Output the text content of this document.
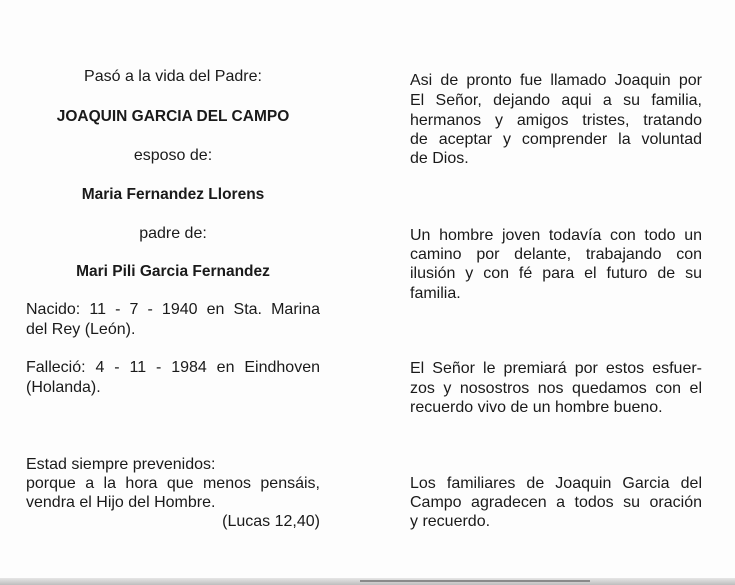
Pasó a la vida del Padre:

JOAQUIN GARCIA DEL CAMPO

esposo de:

Maria Fernandez Llorens

padre de:

Mari Pili Garcia Fernandez

Nacido: 11 - 7 - 1940 en Sta. Marina

del Rey (León).

Falleció: 4 - 11 - 1984 en Eindhoven

(Holanda).

Estad siempre prevenidos:

porque a la hora que menos pensáis,

vendra el Hijo del Hombre.

(Lucas 12,40)

Asi de pronto fue llamado Joaquin por

El Señor, dejando aqui a su familia,

hermanos y amigos tristes, tratando

de aceptar y comprender la voluntad

de Dios.

Un hombre joven todavía con todo un

camino por delante, trabajando con

ilusión y con fé para el futuro de su

familia.

El Señor le premiará por estos esfuer-

zos y nosostros nos quedamos con el

recuerdo vivo de un hombre bueno.

Los familiares de Joaquin Garcia del

Campo agradecen a todos su oración

y recuerdo.
